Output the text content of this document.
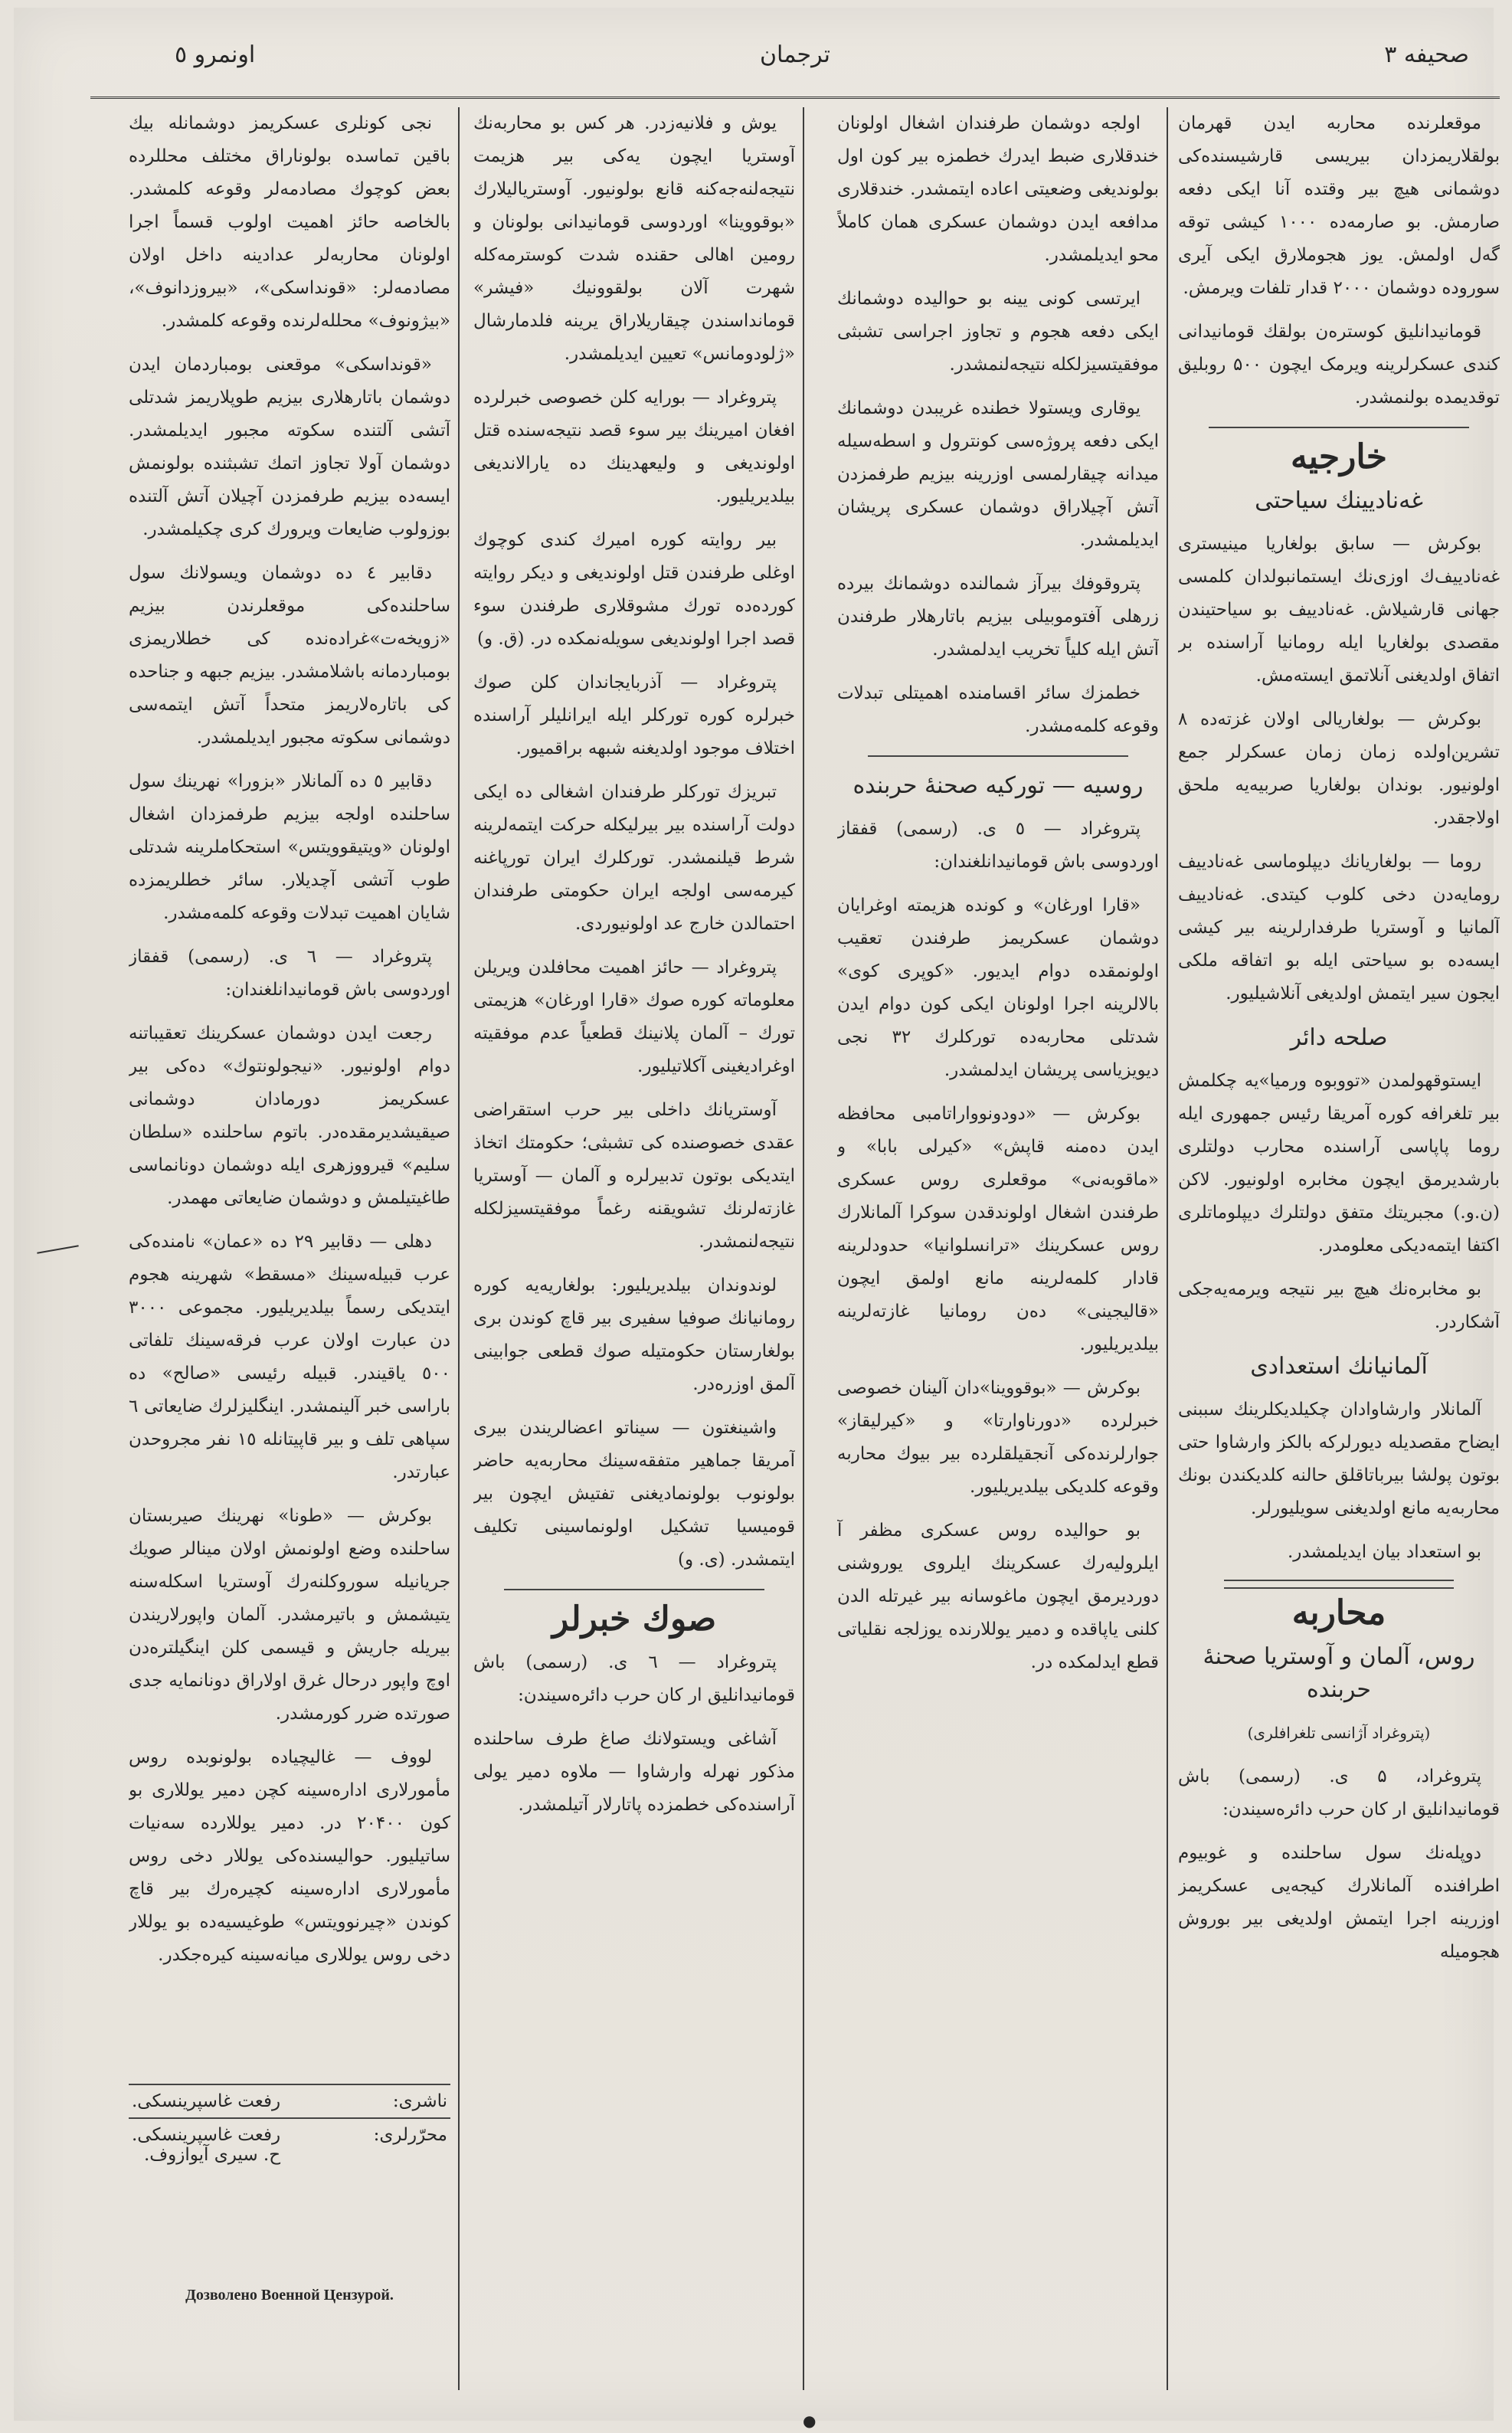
اونمرو ٥	ترجمان	صحیفه ۳

موقعلرنده محاربه ایدن قهرمان بولقلاریمزدان بیریسی قارشیسنده‌کی دوشمانی هیچ بیر وقتده آنا ایکی دفعه صارمش. بو صارمه‌ده ۱۰۰۰ کیشی توقه گه‌ل اولمش. یوز هجوملارق ایکی آیری سوروده دوشمان ۲۰۰۰ قدار تلفات ویرمش.

قومانیدانلیق کوستره‌ن بولقك قومانیدانی کندی عسکرلرینه ویرمک ایچون ۵۰۰ روبلیق توقدیمده بولنمشدر.

خارجیه

غه‌نادیینك سیاحتی

بوکرش — سابق بولغاریا مینیستری غه‌نادییف‌ك اوزی‌نك ایستمانبولدان کلمسی جهانی قارشیلاش. غه‌نادییف بو سیاحتیندن مقصدی بولغاریا ایله رومانیا آراسنده بر اتفاق اولدیغنی آنلاتمق ایسته‌مش.

بوکرش — بولغاریالی اولان غزته‌ده ۸ تشرین‌اولده زمان زمان عسکرلر جمع اولونیور. بوندان بولغاریا صربیه‌یه ملحق اولاجقدر.

روما — بولغاریانك دیپلوماسی غه‌نادییف رومایه‌دن دخی کلوب کیتدی. غه‌نادییف آلمانیا و آوستریا طرفدارلرینه بیر کیشی ایسه‌ده بو سیاحتی ایله بو اتفاقه ملکی ایجون سیر ایتمش اولدیغی آنلاشیلیور.

صلحه دائر

ایستوقهولمدن «تووبوه ورمیا»یه چکلمش بیر تلغرافه کوره آمریقا رئیس جمهوری ایله روما پاپاسی آراسنده محارب دولتلری بارشدیرمق ایچون مخابره اولونیور. لاکن (ن.و.) مجبریتك متفق دولتلرك دیپلوماتلری اکتفا ایتمه‌دیکی معلومدر.

بو مخابره‌نك هیچ بیر نتیجه ویرمه‌یه‌جکی آشکاردر.

آلمانیانك استعدادی

آلمانلار وارشاوادان چکیلدیکلرینك سببنی ایضاح مقصدیله دیورلرکه بالکز وارشاوا حتی بوتون پولشا بیرباتاقلق حالنه کلدیکندن بونك محاربه‌یه مانع اولدیغنی سویلیورلر.

بو استعداد بیان ایدیلمشدر.

محاربه

روس، آلمان و آوستریا صحنهٔ حربنده

(پتروغراد آژانسی تلغرافلری)

پتروغراد، ۵ ی. (رسمی) باش قومانیدانلیق ار کان حرب دائره‌سیندن:

دوپله‌نك سول ساحلنده و غوبیوم اطرافنده آلمانلارك کیجه‌یی عسکریمز اوزرینه اجرا ایتمش اولدیغی بیر بوروش هجومیله

اولجه دوشمان طرفندان اشغال اولونان خندقلاری ضبط ایدرك خطمزه بیر کون اول بولوندیغی وضعیتی اعاده ایتمشدر. خندقلاری مدافعه ایدن دوشمان عسکری همان کاملاً محو ایدیلمشدر.

ایرتسی کونی یینه بو حواليده دوشمانك ایکی دفعه هجوم و تجاوز اجراسی تشبثی موفقیتسیزلکله نتیجه‌لنمشدر.

یوقاری ویستولا خطنده غریبدن دوشمانك ایکی دفعه پروژه‌سی کونترول و اسطه‌سیله میدانه چیقارلمسی اوزرینه بیزیم طرفمزدن آتش آچیلاراق دوشمان عسکری پریشان ایدیلمشدر.

پتروقوفك بیرآز شمالنده دوشمانك بیرده زرهلی آفتوموبیلی بیزیم باتارهلار طرفندن آتش ایله کلیاً تخریب ایدلمشدر.

خطمزك سائر اقسامنده اهمیتلی تبدلات وقوعه کلمه‌مشدر.

روسیه — تورکیه صحنهٔ حربنده

پتروغراد — ٥ ی. (رسمی) قفقاز اوردوسی باش قومانیدانلغندان:

«قارا اورغان» و کونده هزیمته اوغرایان دوشمان عسکریمز طرفندن تعقیب اولونمقده دوام ایدیور. «کوپری کوی» بالالرینه اجرا اولونان ایکی کون دوام ایدن شدتلی محاربه‌ده تورکلرك ۳۲ نجی دیویزیاسی پریشان ایدلمشدر.

بوکرش — «دودونوواراتامبی محافظه ایدن ده‌منه قاپش» «کیرلی بابا» و «ماقوبه‌نی» موقعلری روس عسکری طرفندن اشغال اولوندقدن سوکرا آلمانلارك روس عسکرینك «ترانسلوانیا» حدودلرینه قادار کلمه‌لرینه مانع اولمق ایچون «قالیجینی» ده‌ن رومانیا غازته‌لرینه بیلدیریلیور.

بوکرش — «بوقووینا»دان آلینان خصوصی خبرلرده «دورنا‌وارتا» و «کیرلیقاز» جوارلرنده‌کی آنجقیلقلرده بیر بیوك محاربه وقوعه کلدیکی بیلدیریلیور.

بو حوالیده روس عسکری مظفر آ ایلروليه‌رك عسکرینك ایلروی یوروشنی دوردیرمق ایچون ماغوسانه بیر غیرتله الدن کلنی یاپاقده و دمیر یوللارنده یوزلجه نقلیاتی قطع ایدلمکده در.

یوش و فلانیه‌زدر. هر کس بو محاربه‌نك آوستریا ایچون یه‌کی بیر هزیمت نتیجه‌لنه‌جه‌کنه قانع بولونیور. آوستریالیلارك «بوقووینا» اوردوسی قومانیدانی بولونان و رومین اهالی حقنده شدت کوسترمه‌کله شهرت آلان بولقوونیك «فیشر» قومانداسندن چیقاریلاراق یرینه فلدمارشال «ژلودومانس» تعیین ایدیلمشدر.

پتروغراد — بورایه کلن خصوصی خبرلرده افغان امیرینك بیر سوء قصد نتیجه‌سنده قتل اولوندیغی و ولیعهدینك ده یارالاندیغی بیلدیریلیور.

بیر روایته کوره امیرك کندی کوچوك اوغلی طرفندن قتل اولوندیغی و دیکر روایته کورده‌ده تورك مشوقلاری طرفندن سوء قصد اجرا اولوندیغی سویله‌نمکده در. (ق. و)

پتروغراد — آذربایجاندان کلن صوك خبرلره کوره تورکلر ایله ایرانلیلر آراسنده اختلاف موجود اولدیغنه شبهه براقمیور.

تبریزك تورکلر طرفندان اشغالی ده ایکی دولت آراسنده بیر بیرلیکله حرکت ایتمه‌لرینه شرط قیلنمشدر. تورکلرك ایران تورپاغنه کیرمه‌سی اولجه ایران حکومتی طرفندان احتمالدن خارج عد اولونیوردی.

پتروغراد — حائز اهمیت محافلدن ویریلن معلوماته کوره صوك «قارا اورغان» هزیمتی تورك‌ – آلمان پلانینك قطعیاً عدم موفقیته اوغرادیغینی آکلاتیلیور.

آوستریانك داخلی بیر حرب استقراضی عقدی خصوصنده کی تشبثی؛ حکومتك اتخاذ ایتدیکی بوتون تدبیرلره و آلمان — آوستریا غازته‌لرنك تشویقنه رغماً موفقیتسیزلکله نتیجه‌لنمشدر.

لوندوندان بیلدیریلیور: بولغاریه‌یه کوره رومانیانك صوفیا سفیری بیر قاچ کوندن بری بولغارستان حکومتیله صوك قطعی جوابینی آلمق اوزره‌در.

واشینغتون — سیناتو اعضالریندن بیری آمریقا جماهیر متفقه‌سینك محاربه‌یه حاضر بولونوب بولونمادیغنی تفتیش ایچون بیر قومیسیا تشکیل اولونماسینی تکلیف ایتمشدر. (ی. و)

صوك خبرلر

پتروغراد — ٦ ی. (رسمی) باش قومانیدانلیق ار کان حرب دائره‌سیندن:

آشاغی ویستولانك صاغ طرف ساحلنده مذکور نهرله وارشاوا — ملاوه دمیر یولی آراسنده‌کی خطمزده پاتارلار آتیلمشدر.

نجی کونلری عسکریمز دوشمانله بیك باقین تماسده بولوناراق مختلف محللرده بعض کوچوك مصادمه‌لر وقوعه کلمشدر. بالخاصه حائز اهمیت اولوب قسماً اجرا اولونان محاربه‌لر عدادینه داخل اولان مصادمه‌لر: «قونداسکی»، «بیروزدانوف»، «بیژونوف» محلله‌لرنده وقوعه کلمشدر.

«قونداسکی» موقعنی بومباردمان ایدن دوشمان باتارهلاری بیزیم طوپلاریمز شدتلی آتشی آلتنده سکوته مجبور ایدیلمشدر. دوشمان آولا تجاوز اتمك تشبثنده بولونمش ایسه‌ده بیزیم طرفمزدن آچیلان آتش آلتنده بوزولوب ضایعات ویرورك کری چکیلمشدر.

دقابیر ٤ ده دوشمان ویسولانك سول ساحلنده‌کی موقعلرندن بیزیم «زویخه‌ت»غراده‌نده کی خطلاریمزی بومباردمانه باشلامشدر. بیزیم جبهه و جناحده کی باتاره‌لاریمز متحداً آتش ایتمه‌سی دوشمانی سکوته مجبور ایدیلمشدر.

دقابیر ٥ ده آلمانلار «بزورا» نهرینك سول ساحلنده اولجه بیزیم طرفمزدان اشغال اولونان «ویتیقوویتس» استحکاملرینه شدتلی طوب آتشی آچدیلار. سائر خطلریمزده شایان اهمیت تبدلات وقوعه کلمه‌مشدر.

پتروغراد — ٦ ی. (رسمی) قفقاز اوردوسی باش قومانیدانلغندان:

رجعت ایدن دوشمان عسکرینك تعقیباتنه دوام اولونیور. «نیجولونتوك» ده‌کی بیر عسکریمز دورمادان دوشمانی صیقیشدیرمقده‌در. باتوم ساحلنده «سلطان سلیم» قیرووزهری ایله دوشمان دونانماسی طاغیتیلمش و دوشمان ضایعاتی مهمدر.

دهلی — دقابیر ۲۹ ده «عمان» نامنده‌کی عرب قبیله‌سینك «مسقط» شهرینه هجوم ایتدیکی رسماً بیلدیریلیور. مجموعی ۳۰۰۰ دن عبارت اولان عرب فرقه‌سینك تلفاتی ٥۰۰ یاقیندر. قبیله رئیسی «صالح» ده باراسی خبر آلینمشدر. اینگلیزلرك ضایعاتی ٦ سپاهی تلف و بیر قاپیتانله ١٥ نفر مجروحدن عبارتدر.

بوکرش — «طونا» نهرینك صیربستان ساحلنده وضع اولونمش اولان مینالر صویك جریانیله سوروکلنه‌رك آوستریا اسکله‌سنه یتیشمش و باتیرمشدر. آلمان واپورلاریندن بیریله جاریش و قیسمی کلن اینگیلتره‌دن اوچ واپور درحال غرق اولاراق دونانمایه جدی صورتده ضرر کورمشدر.

لووف — غالیچیاده بولونوبده روس مأمورلاری اداره‌سینه کچن دمیر یوللاری بو کون ۲۰۴۰۰ در. دمیر یوللارده سه‌نیات ساتیلیور. حوالیسنده‌کی یوللار دخی روس مأمورلاری اداره‌سینه کچیره‌رك بیر قاچ کوندن «چیرنوویتس» طوغیسیه‌ده بو یوللار دخی روس یوللاری میانه‌سینه کیره‌جکدر.

ناشری:
رفعت غاسپرینسکی.
محرّرلری:
رفعت غاسپرینسکی.
ح. سیری آیوازوف.
Дозволено Военной Цензурой.
●
